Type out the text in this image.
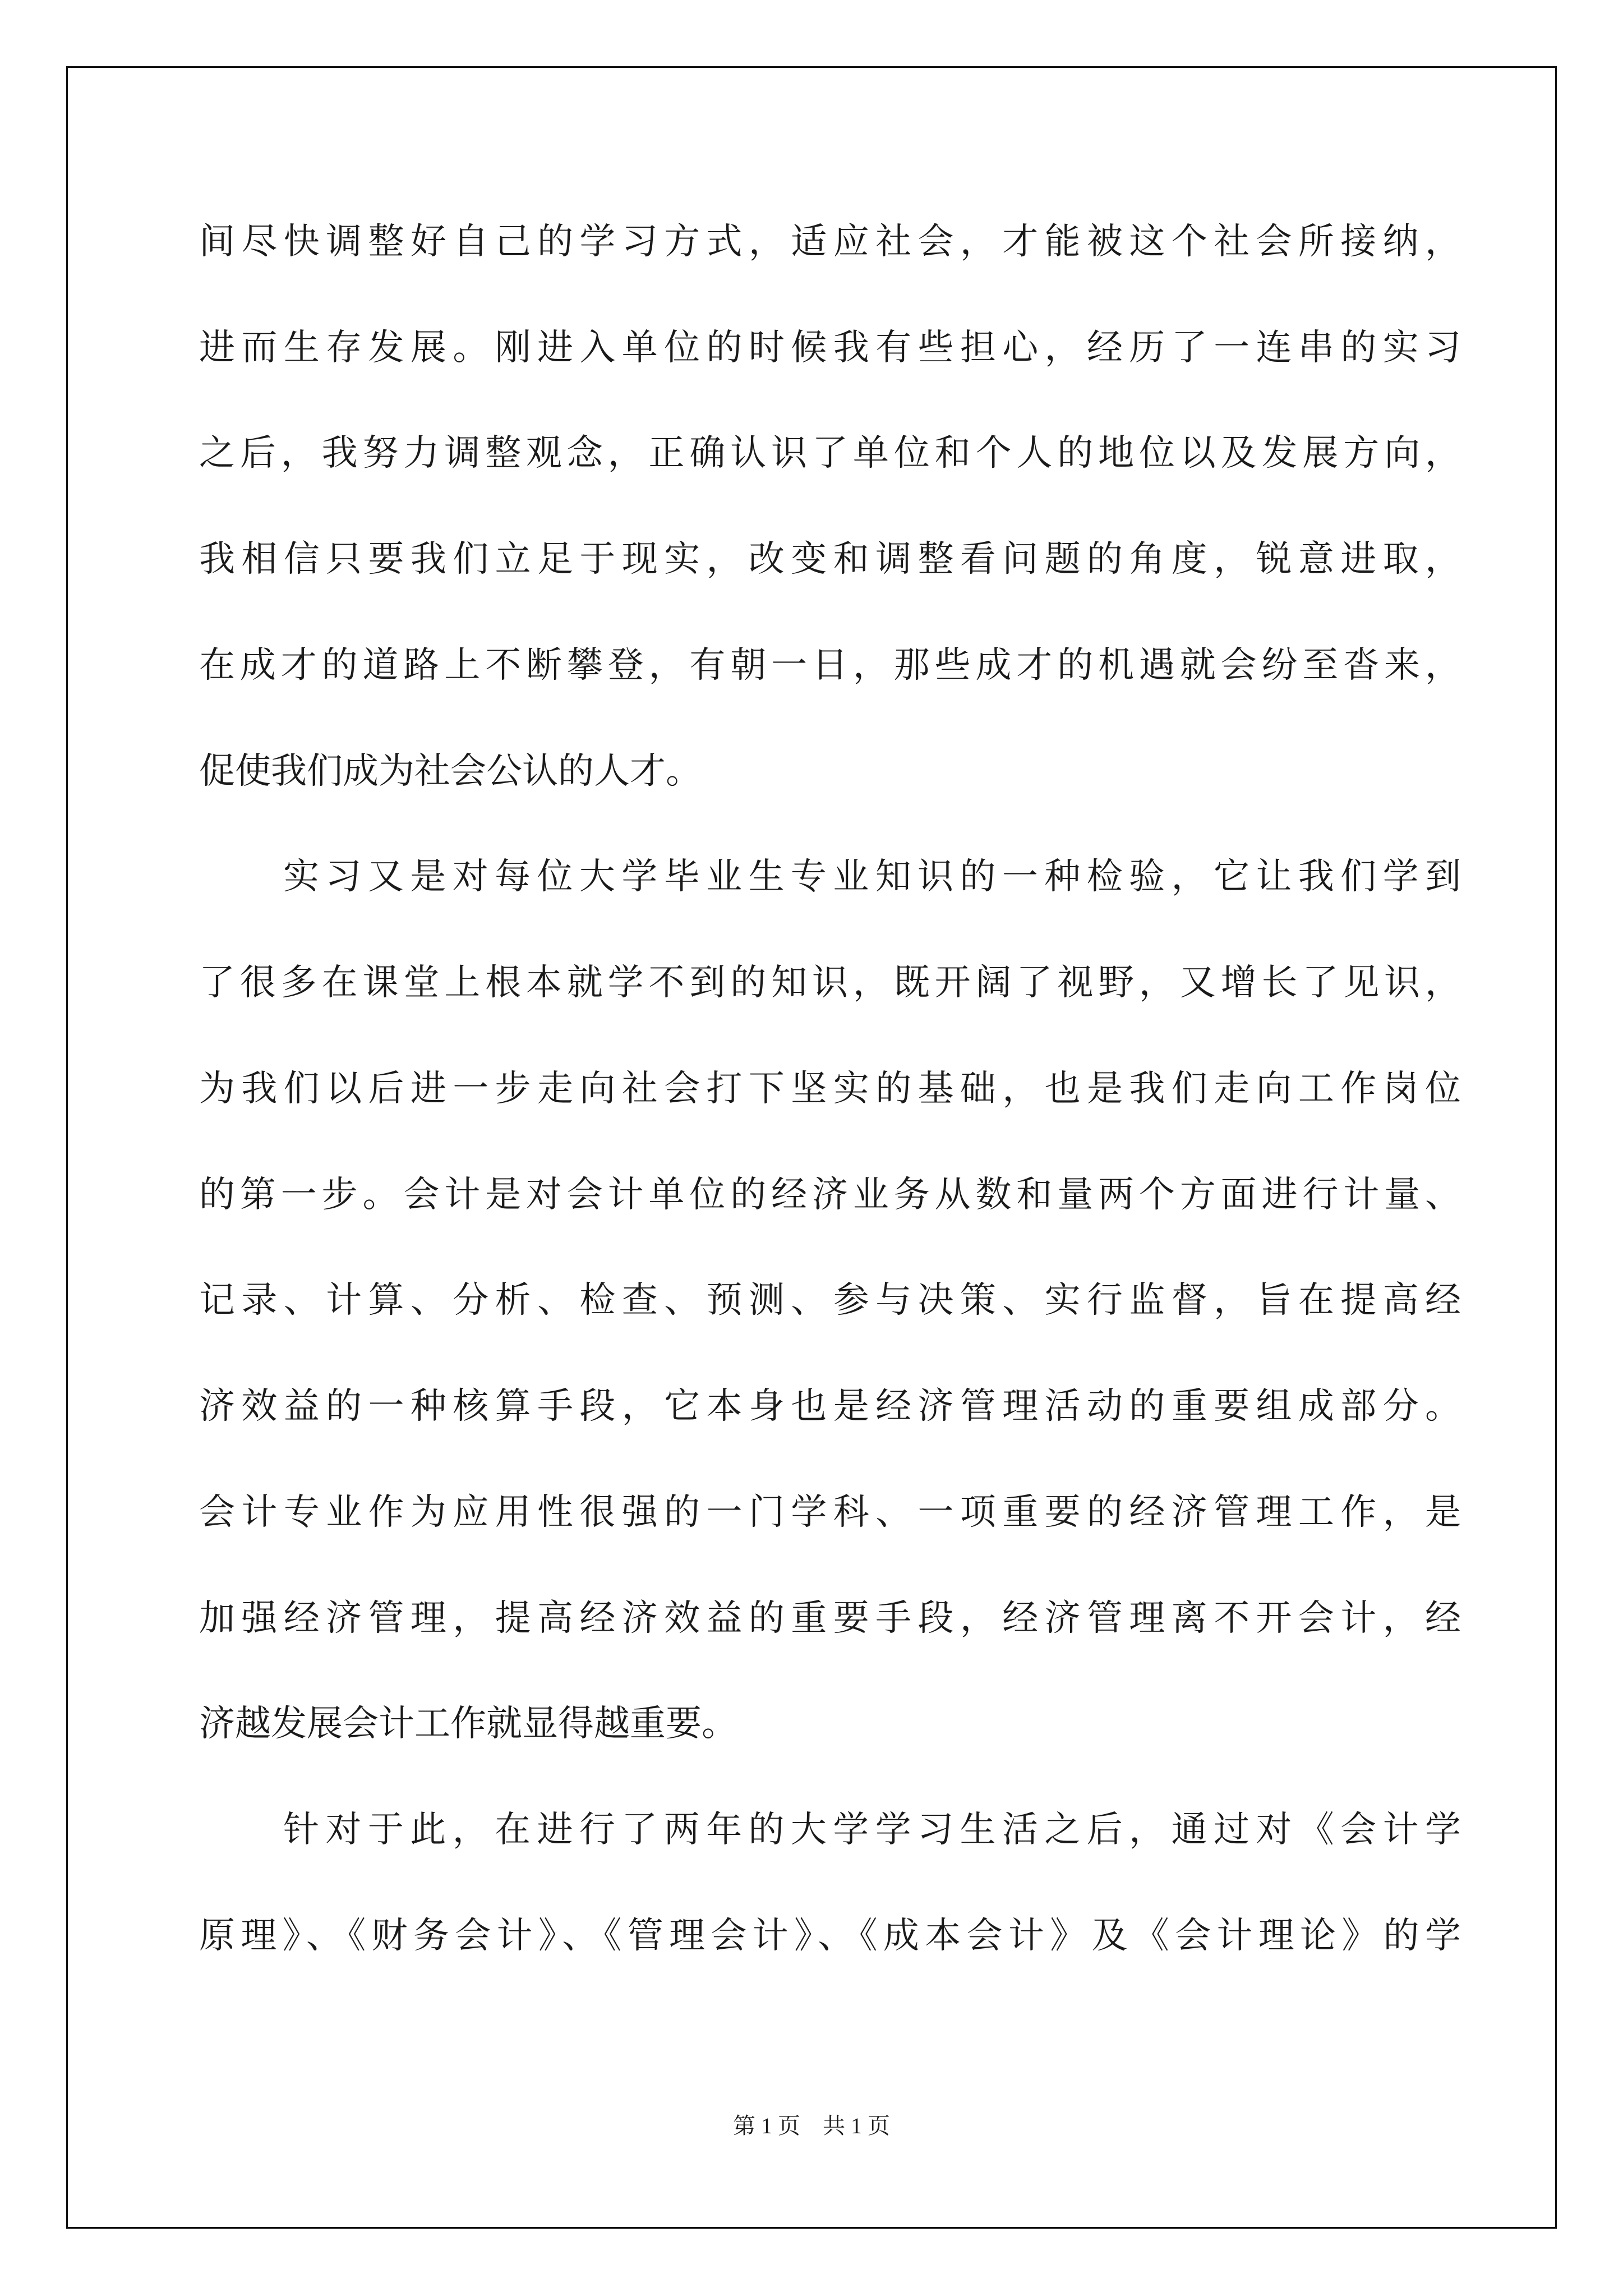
间尽快调整好自己的学习方式，适应社会，才能被这个社会所接纳，
进而生存发展。刚进入单位的时候我有些担心，经历了一连串的实习
之后，我努力调整观念，正确认识了单位和个人的地位以及发展方向，
我相信只要我们立足于现实，改变和调整看问题的角度，锐意进取，
在成才的道路上不断攀登，有朝一日，那些成才的机遇就会纷至沓来，
促使我们成为社会公认的人才。
实习又是对每位大学毕业生专业知识的一种检验，它让我们学到
了很多在课堂上根本就学不到的知识，既开阔了视野，又增长了见识，
为我们以后进一步走向社会打下坚实的基础，也是我们走向工作岗位
的第一步。会计是对会计单位的经济业务从数和量两个方面进行计量、
记录、计算、分析、检查、预测、参与决策、实行监督，旨在提高经
济效益的一种核算手段，它本身也是经济管理活动的重要组成部分。
会计专业作为应用性很强的一门学科、一项重要的经济管理工作，是
加强经济管理，提高经济效益的重要手段，经济管理离不开会计，经
济越发展会计工作就显得越重要。
针对于此，在进行了两年的大学学习生活之后，通过对《会计学
原理》、《财务会计》、《管理会计》、《成本会计》及《会计理论》的学
第 1 页 共 1 页
